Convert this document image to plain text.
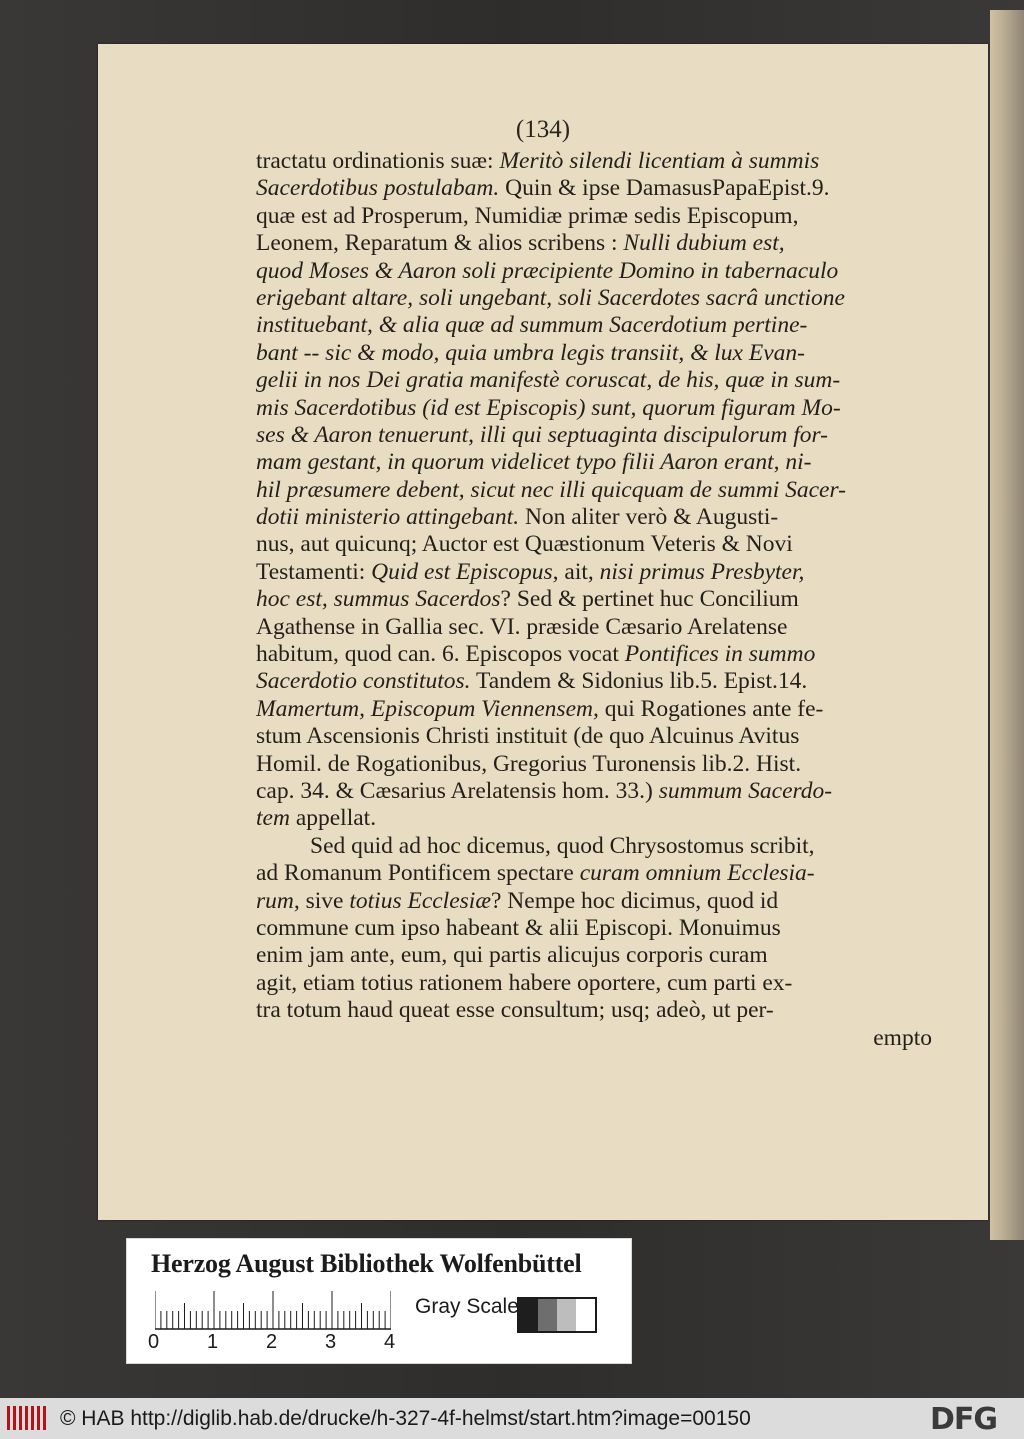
(134)
tractatu ordinationis suæ: Meritò silendi licentiam à summis
Sacerdotibus postulabam. Quin & ipse DamasusPapaEpist.9.
quæ est ad Prosperum, Numidiæ primæ sedis Episcopum,
Leonem, Reparatum & alios scribens : Nulli dubium est,
quod Moses & Aaron soli præcipiente Domino in tabernaculo
erigebant altare, soli ungebant, soli Sacerdotes sacrâ unctione
instituebant, & alia quæ ad summum Sacerdotium pertine-
bant -- sic & modo, quia umbra legis transiit, & lux Evan-
gelii in nos Dei gratia manifestè coruscat, de his, quæ in sum-
mis Sacerdotibus (id est Episcopis) sunt, quorum figuram Mo-
ses & Aaron tenuerunt, illi qui septuaginta discipulorum for-
mam gestant, in quorum videlicet typo filii Aaron erant, ni-
hil præsumere debent, sicut nec illi quicquam de summi Sacer-
dotii ministerio attingebant. Non aliter verò & Augusti-
nus, aut quicunq; Auctor est Quæstionum Veteris & Novi
Testamenti: Quid est Episcopus, ait, nisi primus Presbyter,
hoc est, summus Sacerdos? Sed & pertinet huc Concilium
Agathense in Gallia sec. VI. præside Cæsario Arelatense
habitum, quod can. 6. Episcopos vocat Pontifices in summo
Sacerdotio constitutos. Tandem & Sidonius lib.5. Epist.14.
Mamertum, Episcopum Viennensem, qui Rogationes ante fe-
stum Ascensionis Christi instituit (de quo Alcuinus Avitus
Homil. de Rogationibus, Gregorius Turonensis lib.2. Hist.
cap. 34. & Cæsarius Arelatensis hom. 33.) summum Sacerdo-
tem appellat.
Sed quid ad hoc dicemus, quod Chrysostomus scribit,
ad Romanum Pontificem spectare curam omnium Ecclesia-
rum, sive totius Ecclesiæ? Nempe hoc dicimus, quod id
commune cum ipso habeant & alii Episcopi. Monuimus
enim jam ante, eum, qui partis alicujus corporis curam
agit, etiam totius rationem habere oportere, cum parti ex-
tra totum haud queat esse consultum; usq; adeò, ut per-
empto
Herzog August Bibliothek Wolfenbüttel
0 1 2 3 4
Gray Scale
© HAB http://diglib.hab.de/drucke/h-327-4f-helmst/start.htm?image=00150	DFG
